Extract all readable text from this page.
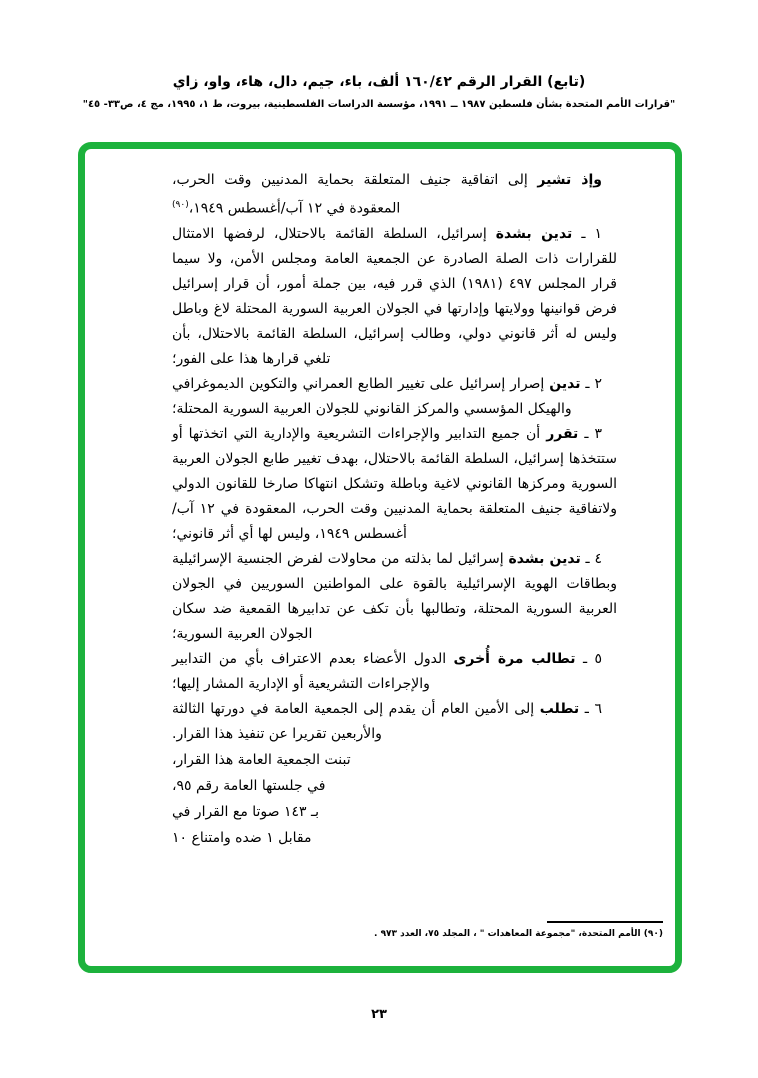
(تابع) القرار الرقم ١٦٠/٤٢ ألف، باء، جيم، دال، هاء، واو، زاي
"قرارات الأمم المتحدة بشأن فلسطين ١٩٨٧ ــ ١٩٩١، مؤسسة الدراسات الفلسطينية، بيروت، ط ١، ١٩٩٥، مج ٤، ص٣٣- ٤٥"

وإذ تشير إلى اتفاقية جنيف المتعلقة بحماية المدنيين وقت الحرب، المعقودة في ١٢ آب/أغسطس ١٩٤٩،$^{(٩٠)}$

١ ـ تدين بشدة إسرائيل، السلطة القائمة بالاحتلال، لرفضها الامتثال للقرارات ذات الصلة الصادرة عن الجمعية العامة ومجلس الأمن، ولا سيما قرار المجلس ٤٩٧ (١٩٨١) الذي قرر فيه، بين جملة أمور، أن قرار إسرائيل فرض قوانينها وولايتها وإدارتها في الجولان العربية السورية المحتلة لاغ وباطل وليس له أثر قانوني دولي، وطالب إسرائيل، السلطة القائمة بالاحتلال، بأن تلغي قرارها هذا على الفور؛

٢ ـ تدين إصرار إسرائيل على تغيير الطابع العمراني والتكوين الديموغرافي والهيكل المؤسسي والمركز القانوني للجولان العربية السورية المحتلة؛

٣ ـ تقرر أن جميع التدابير والإجراءات التشريعية والإدارية التي اتخذتها أو ستتخذها إسرائيل، السلطة القائمة بالاحتلال، بهدف تغيير طابع الجولان العربية السورية ومركزها القانوني لاغية وباطلة وتشكل انتهاكا صارخا للقانون الدولي ولاتفاقية جنيف المتعلقة بحماية المدنيين وقت الحرب، المعقودة في ١٢ آب/أغسطس ١٩٤٩، وليس لها أي أثر قانوني؛

٤ ـ تدين بشدة إسرائيل لما بذلته من محاولات لفرض الجنسية الإسرائيلية وبطاقات الهوية الإسرائيلية بالقوة على المواطنين السوريين في الجولان العربية السورية المحتلة، وتطالبها بأن تكف عن تدابيرها القمعية ضد سكان الجولان العربية السورية؛

٥ ـ تطالب مرة أُخرى الدول الأعضاء بعدم الاعتراف بأي من التدابير والإجراءات التشريعية أو الإدارية المشار إليها؛

٦ ـ تطلب إلى الأمين العام أن يقدم إلى الجمعية العامة في دورتها الثالثة والأربعين تقريرا عن تنفيذ هذا القرار.

تبنت الجمعية العامة هذا القرار،

في جلستها العامة رقم ٩٥،

بـ ١٤٣ صوتا مع القرار في

مقابل ١ ضده وامتناع ١٠

(٩٠) الأمم المتحدة، "مجموعة المعاهدات " ، المجلد ٧٥، العدد ٩٧٣ .
٢٣
